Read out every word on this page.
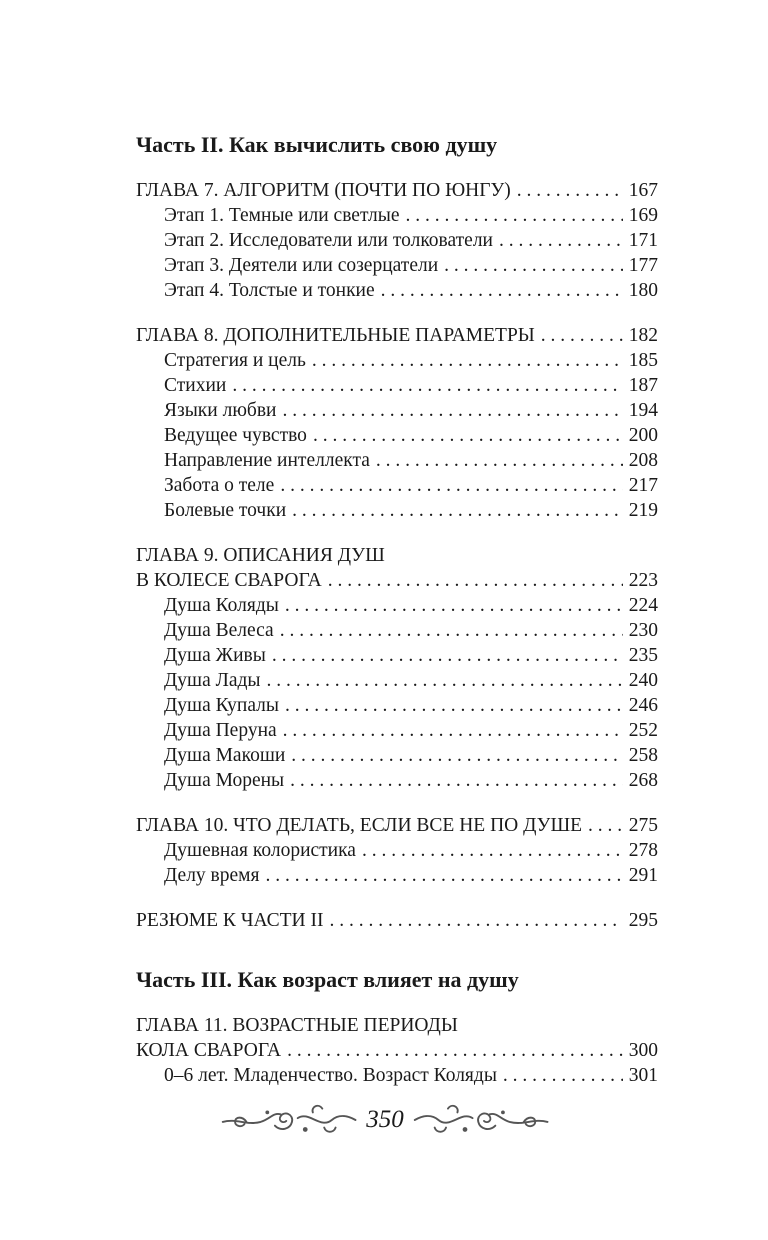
Часть II. Как вычислить свою душу
ГЛАВА 7. АЛГОРИТМ (ПОЧТИ ПО ЮНГУ) . . .	167
Этап 1. Темные или светлые . . .	169
Этап 2. Исследователи или толкователи . . .	171
Этап 3. Деятели или созерцатели . . .	177
Этап 4. Толстые и тонкие . . .	180
ГЛАВА 8. ДОПОЛНИТЕЛЬНЫЕ ПАРАМЕТРЫ . . .	182
Стратегия и цель . . .	185
Стихии . . .	187
Языки любви . . .	194
Ведущее чувство . . .	200
Направление интеллекта . . .	208
Забота о теле . . .	217
Болевые точки . . .	219
ГЛАВА 9. ОПИСАНИЯ ДУШ
В КОЛЕСЕ СВАРОГА . . .	223
Душа Коляды . . .	224
Душа Велеса . . .	230
Душа Живы . . .	235
Душа Лады . . .	240
Душа Купалы . . .	246
Душа Перуна . . .	252
Душа Макоши . . .	258
Душа Морены . . .	268
ГЛАВА 10. ЧТО ДЕЛАТЬ, ЕСЛИ ВСЕ НЕ ПО ДУШЕ . . . 275
Душевная колористика . . .	278
Делу время . . .	291
РЕЗЮМЕ К ЧАСТИ II . . .	295
Часть III. Как возраст влияет на душу
ГЛАВА 11. ВОЗРАСТНЫЕ ПЕРИОДЫ
КОЛА СВАРОГА . . .	300
0–6 лет. Младенчество. Возраст Коляды . . .	301
350
